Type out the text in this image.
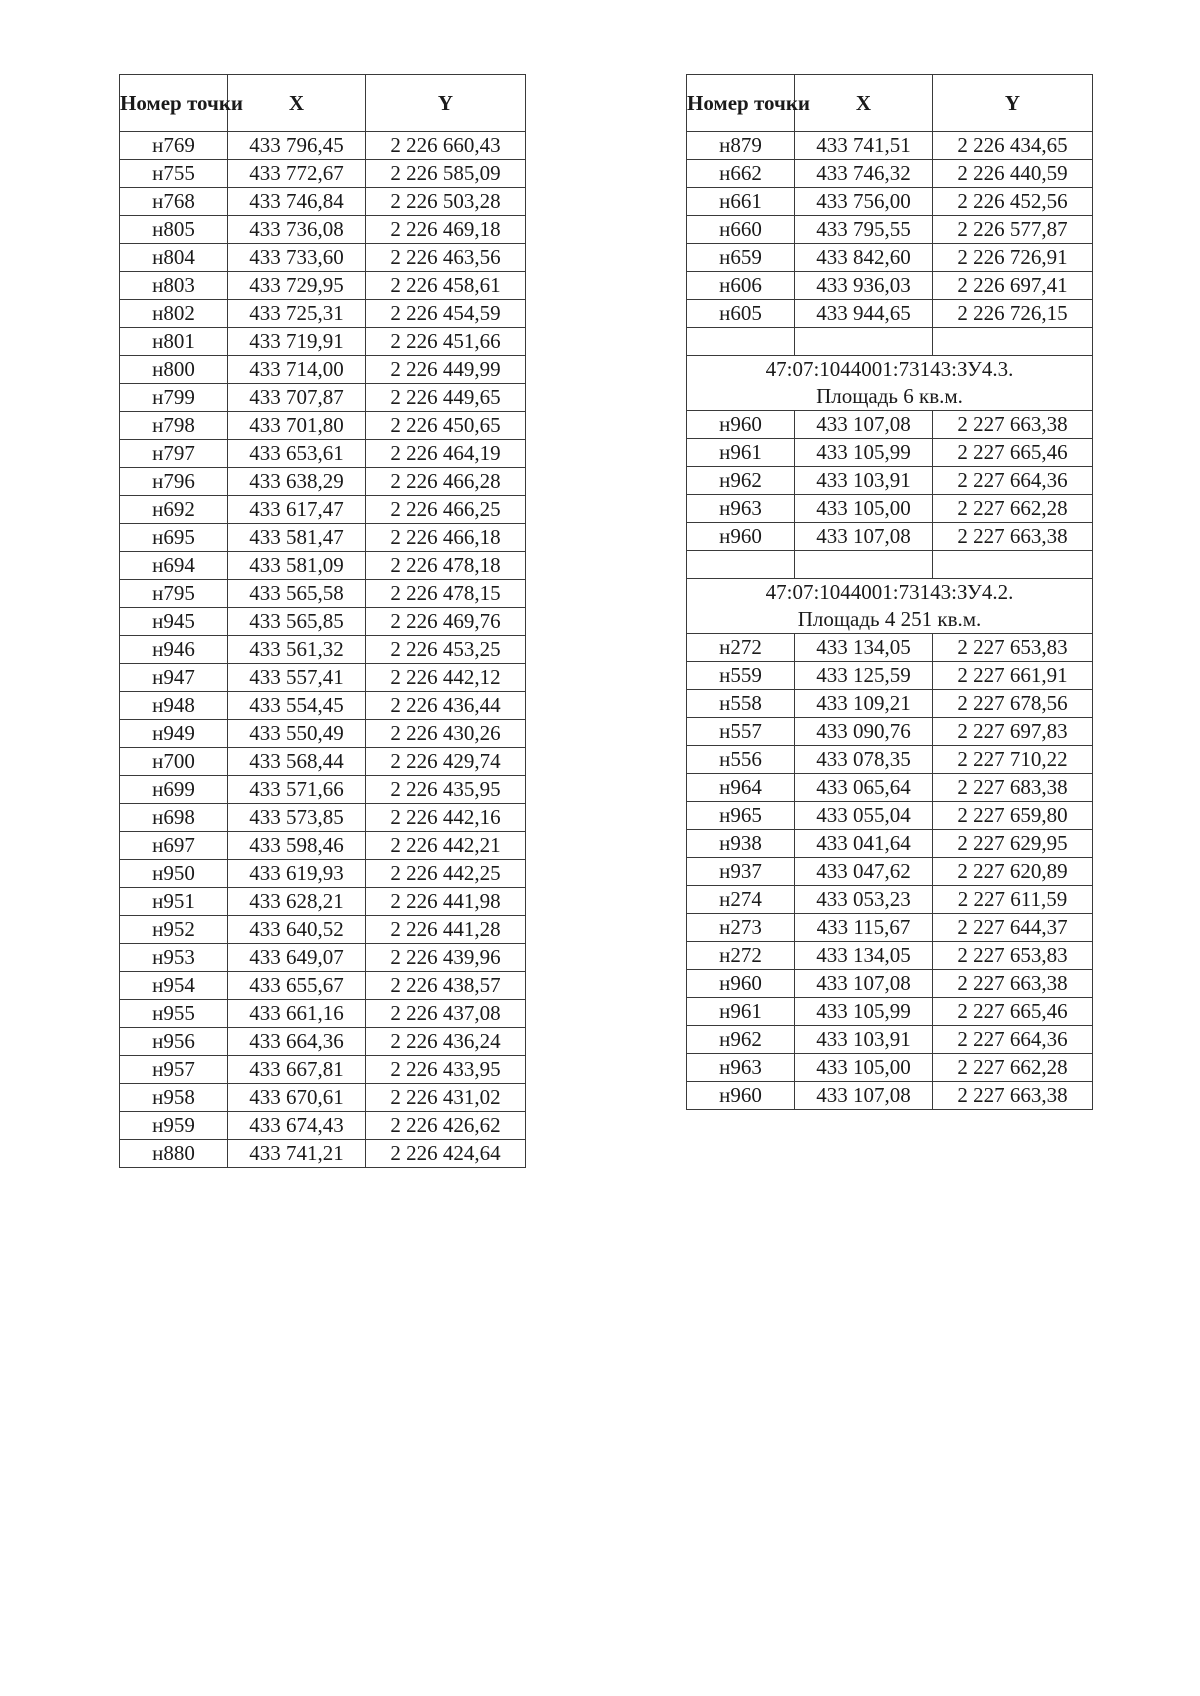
Номер точки	X	Y
н769	433 796,45	2 226 660,43
н755	433 772,67	2 226 585,09
н768	433 746,84	2 226 503,28
н805	433 736,08	2 226 469,18
н804	433 733,60	2 226 463,56
н803	433 729,95	2 226 458,61
н802	433 725,31	2 226 454,59
н801	433 719,91	2 226 451,66
н800	433 714,00	2 226 449,99
н799	433 707,87	2 226 449,65
н798	433 701,80	2 226 450,65
н797	433 653,61	2 226 464,19
н796	433 638,29	2 226 466,28
н692	433 617,47	2 226 466,25
н695	433 581,47	2 226 466,18
н694	433 581,09	2 226 478,18
н795	433 565,58	2 226 478,15
н945	433 565,85	2 226 469,76
н946	433 561,32	2 226 453,25
н947	433 557,41	2 226 442,12
н948	433 554,45	2 226 436,44
н949	433 550,49	2 226 430,26
н700	433 568,44	2 226 429,74
н699	433 571,66	2 226 435,95
н698	433 573,85	2 226 442,16
н697	433 598,46	2 226 442,21
н950	433 619,93	2 226 442,25
н951	433 628,21	2 226 441,98
н952	433 640,52	2 226 441,28
н953	433 649,07	2 226 439,96
н954	433 655,67	2 226 438,57
н955	433 661,16	2 226 437,08
н956	433 664,36	2 226 436,24
н957	433 667,81	2 226 433,95
н958	433 670,61	2 226 431,02
н959	433 674,43	2 226 426,62
н880	433 741,21	2 226 424,64
Номер точки	X	Y
н879	433 741,51	2 226 434,65
н662	433 746,32	2 226 440,59
н661	433 756,00	2 226 452,56
н660	433 795,55	2 226 577,87
н659	433 842,60	2 226 726,91
н606	433 936,03	2 226 697,41
н605	433 944,65	2 226 726,15

47:07:1044001:73143:ЗУ4.3.
Площадь 6 кв.м.		

н960	433 107,08	2 227 663,38
н961	433 105,99	2 227 665,46
н962	433 103,91	2 227 664,36
н963	433 105,00	2 227 662,28
н960	433 107,08	2 227 663,38

47:07:1044001:73143:ЗУ4.2.
Площадь 4 251 кв.м.		

н272	433 134,05	2 227 653,83
н559	433 125,59	2 227 661,91
н558	433 109,21	2 227 678,56
н557	433 090,76	2 227 697,83
н556	433 078,35	2 227 710,22
н964	433 065,64	2 227 683,38
н965	433 055,04	2 227 659,80
н938	433 041,64	2 227 629,95
н937	433 047,62	2 227 620,89
н274	433 053,23	2 227 611,59
н273	433 115,67	2 227 644,37
н272	433 134,05	2 227 653,83
н960	433 107,08	2 227 663,38
н961	433 105,99	2 227 665,46
н962	433 103,91	2 227 664,36
н963	433 105,00	2 227 662,28
н960	433 107,08	2 227 663,38
